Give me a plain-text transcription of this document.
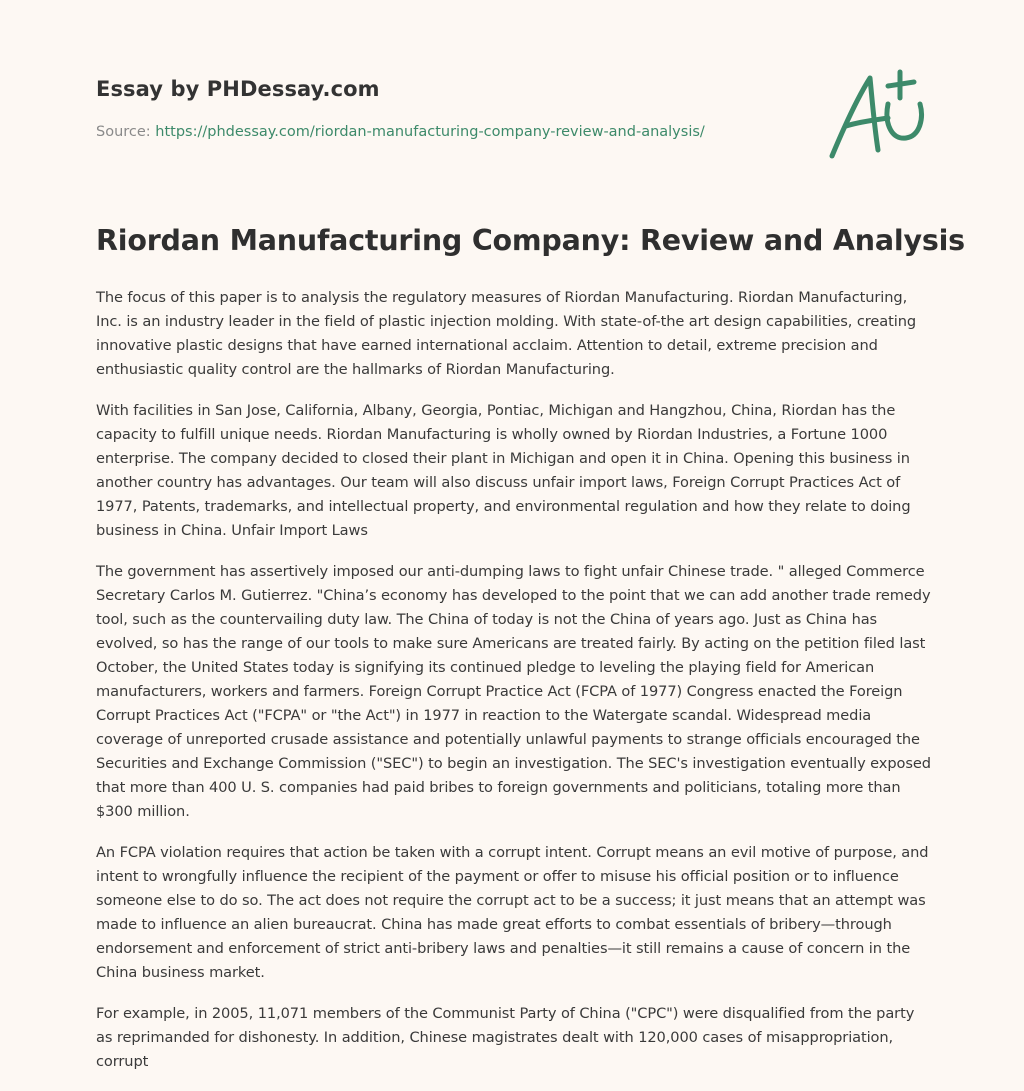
Essay by PHDessay.com

Source: https://phdessay.com/riordan-manufacturing-company-review-and-analysis/

Riordan Manufacturing Company: Review and Analysis

The focus of this paper is to analysis the regulatory measures of Riordan Manufacturing. Riordan Manufacturing, Inc. is an industry leader in the field of plastic injection molding. With state-of-the art design capabilities, creating innovative plastic designs that have earned international acclaim. Attention to detail, extreme precision and enthusiastic quality control are the hallmarks of Riordan Manufacturing.

With facilities in San Jose, California, Albany, Georgia, Pontiac, Michigan and Hangzhou, China, Riordan has the capacity to fulfill unique needs. Riordan Manufacturing is wholly owned by Riordan Industries, a Fortune 1000 enterprise. The company decided to closed their plant in Michigan and open it in China. Opening this business in another country has advantages. Our team will also discuss unfair import laws, Foreign Corrupt Practices Act of 1977, Patents, trademarks, and intellectual property, and environmental regulation and how they relate to doing business in China. Unfair Import Laws

The government has assertively imposed our anti-dumping laws to fight unfair Chinese trade. " alleged Commerce Secretary Carlos M. Gutierrez. "China’s economy has developed to the point that we can add another trade remedy tool, such as the countervailing duty law. The China of today is not the China of years ago. Just as China has evolved, so has the range of our tools to make sure Americans are treated fairly. By acting on the petition filed last October, the United States today is signifying its continued pledge to leveling the playing field for American manufacturers, workers and farmers. Foreign Corrupt Practice Act (FCPA of 1977) Congress enacted the Foreign Corrupt Practices Act ("FCPA" or "the Act") in 1977 in reaction to the Watergate scandal. Widespread media coverage of unreported crusade assistance and potentially unlawful payments to strange officials encouraged the Securities and Exchange Commission ("SEC") to begin an investigation. The SEC's investigation eventually exposed that more than 400 U. S. companies had paid bribes to foreign governments and politicians, totaling more than $300 million.

An FCPA violation requires that action be taken with a corrupt intent. Corrupt means an evil motive of purpose, and intent to wrongfully influence the recipient of the payment or offer to misuse his official position or to influence someone else to do so. The act does not require the corrupt act to be a success; it just means that an attempt was made to influence an alien bureaucrat. China has made great efforts to combat essentials of bribery—through endorsement and enforcement of strict anti-bribery laws and penalties—it still remains a cause of concern in the China business market.

For example, in 2005, 11,071 members of the Communist Party of China ("CPC") were disqualified from the party as reprimanded for dishonesty. In addition, Chinese magistrates dealt with 120,000 cases of misappropriation, corrupt
